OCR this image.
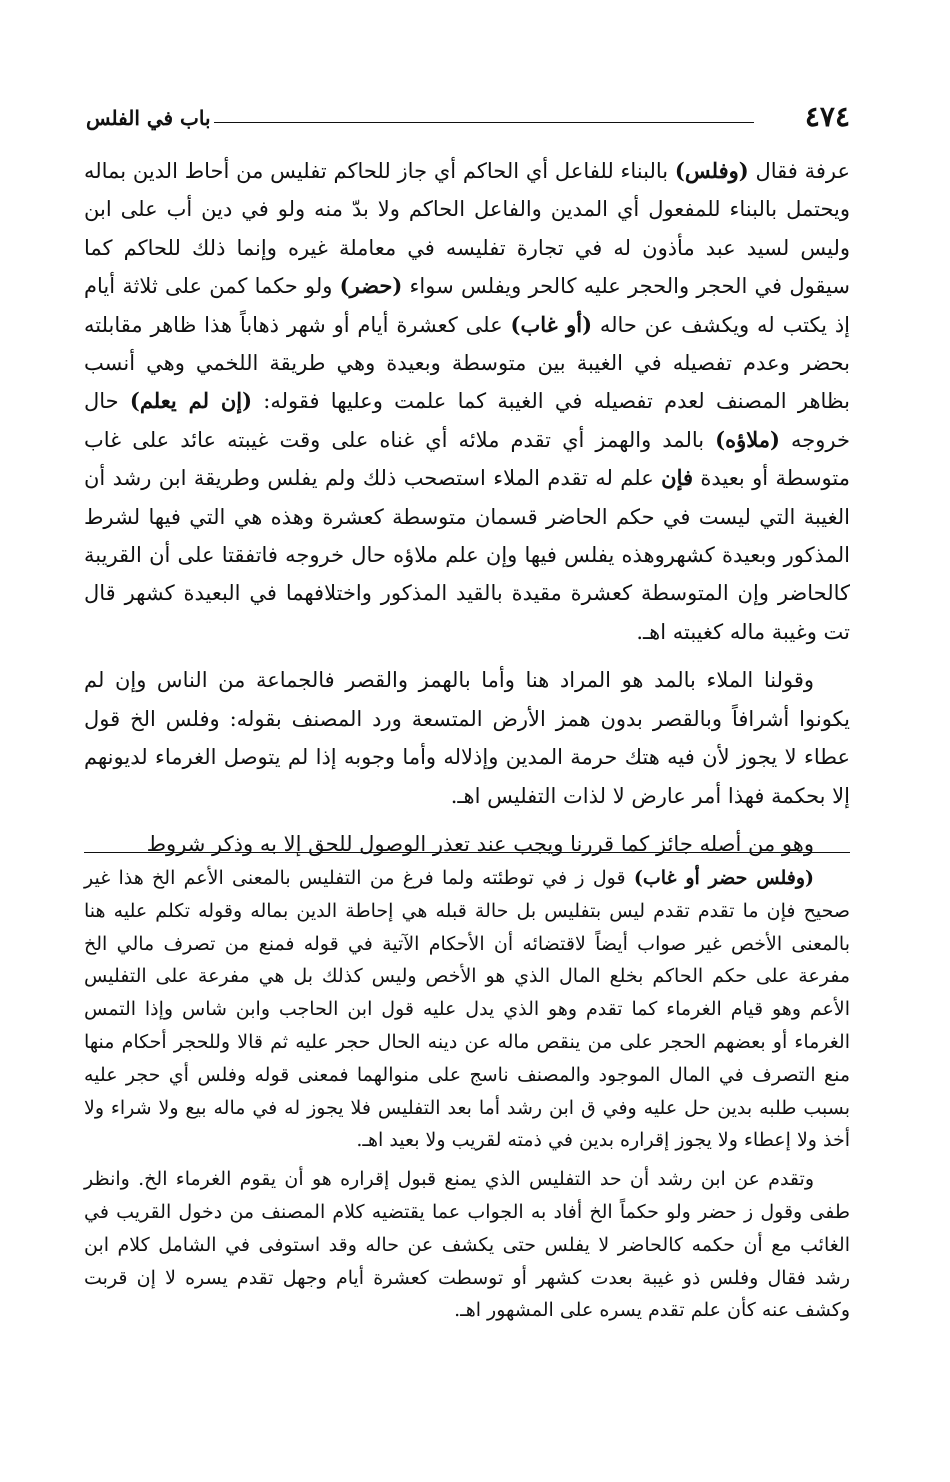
٤٧٤
باب في الفلس

عرفة فقال (وفلس) بالبناء للفاعل أي الحاكم أي جاز للحاكم تفليس من أحاط الدين بماله ويحتمل بالبناء للمفعول أي المدين والفاعل الحاكم ولا بدّ منه ولو في دين أب على ابن وليس لسيد عبد مأذون له في تجارة تفليسه في معاملة غيره وإنما ذلك للحاكم كما سيقول في الحجر والحجر عليه كالحر ويفلس سواء (حضر) ولو حكما كمن على ثلاثة أيام إذ يكتب له ويكشف عن حاله (أو غاب) على كعشرة أيام أو شهر ذهاباً هذا ظاهر مقابلته بحضر وعدم تفصيله في الغيبة بين متوسطة وبعيدة وهي طريقة اللخمي وهي أنسب بظاهر المصنف لعدم تفصيله في الغيبة كما علمت وعليها فقوله: (إن لم يعلم) حال خروجه (ملاؤه) بالمد والهمز أي تقدم ملائه أي غناه على وقت غيبته عائد على غاب متوسطة أو بعيدة فإن علم له تقدم الملاء استصحب ذلك ولم يفلس وطريقة ابن رشد أن الغيبة التي ليست في حكم الحاضر قسمان متوسطة كعشرة وهذه هي التي فيها لشرط المذكور وبعيدة كشهروهذه يفلس فيها وإن علم ملاؤه حال خروجه فاتفقتا على أن القريبة كالحاضر وإن المتوسطة كعشرة مقيدة بالقيد المذكور واختلافهما في البعيدة كشهر قال تت وغيبة ماله كغيبته اهـ.

وقولنا الملاء بالمد هو المراد هنا وأما بالهمز والقصر فالجماعة من الناس وإن لم يكونوا أشرافاً وبالقصر بدون همز الأرض المتسعة ورد المصنف بقوله: وفلس الخ قول عطاء لا يجوز لأن فيه هتك حرمة المدين وإذلاله وأما وجوبه إذا لم يتوصل الغرماء لديونهم إلا بحكمة فهذا أمر عارض لا لذات التفليس اهـ.

وهو من أصله جائز كما قررنا ويجب عند تعذر الوصول للحق إلا به وذكر شروط

(وفلس حضر أو غاب) قول ز في توطئته ولما فرغ من التفليس بالمعنى الأعم الخ هذا غير صحيح فإن ما تقدم تقدم ليس بتفليس بل حالة قبله هي إحاطة الدين بماله وقوله تكلم عليه هنا بالمعنى الأخص غير صواب أيضاً لاقتضائه أن الأحكام الآتية في قوله فمنع من تصرف مالي الخ مفرعة على حكم الحاكم بخلع المال الذي هو الأخص وليس كذلك بل هي مفرعة على التفليس الأعم وهو قيام الغرماء كما تقدم وهو الذي يدل عليه قول ابن الحاجب وابن شاس وإذا التمس الغرماء أو بعضهم الحجر على من ينقص ماله عن دينه الحال حجر عليه ثم قالا وللحجر أحكام منها منع التصرف في المال الموجود والمصنف ناسج على منوالهما فمعنى قوله وفلس أي حجر عليه بسبب طلبه بدين حل عليه وفي ق ابن رشد أما بعد التفليس فلا يجوز له في ماله بيع ولا شراء ولا أخذ ولا إعطاء ولا يجوز إقراره بدين في ذمته لقريب ولا بعيد اهـ.

وتقدم عن ابن رشد أن حد التفليس الذي يمنع قبول إقراره هو أن يقوم الغرماء الخ. وانظر طفى وقول ز حضر ولو حكماً الخ أفاد به الجواب عما يقتضيه كلام المصنف من دخول القريب في الغائب مع أن حكمه كالحاضر لا يفلس حتى يكشف عن حاله وقد استوفى في الشامل كلام ابن رشد فقال وفلس ذو غيبة بعدت كشهر أو توسطت كعشرة أيام وجهل تقدم يسره لا إن قربت وكشف عنه كأن علم تقدم يسره على المشهور اهـ.
